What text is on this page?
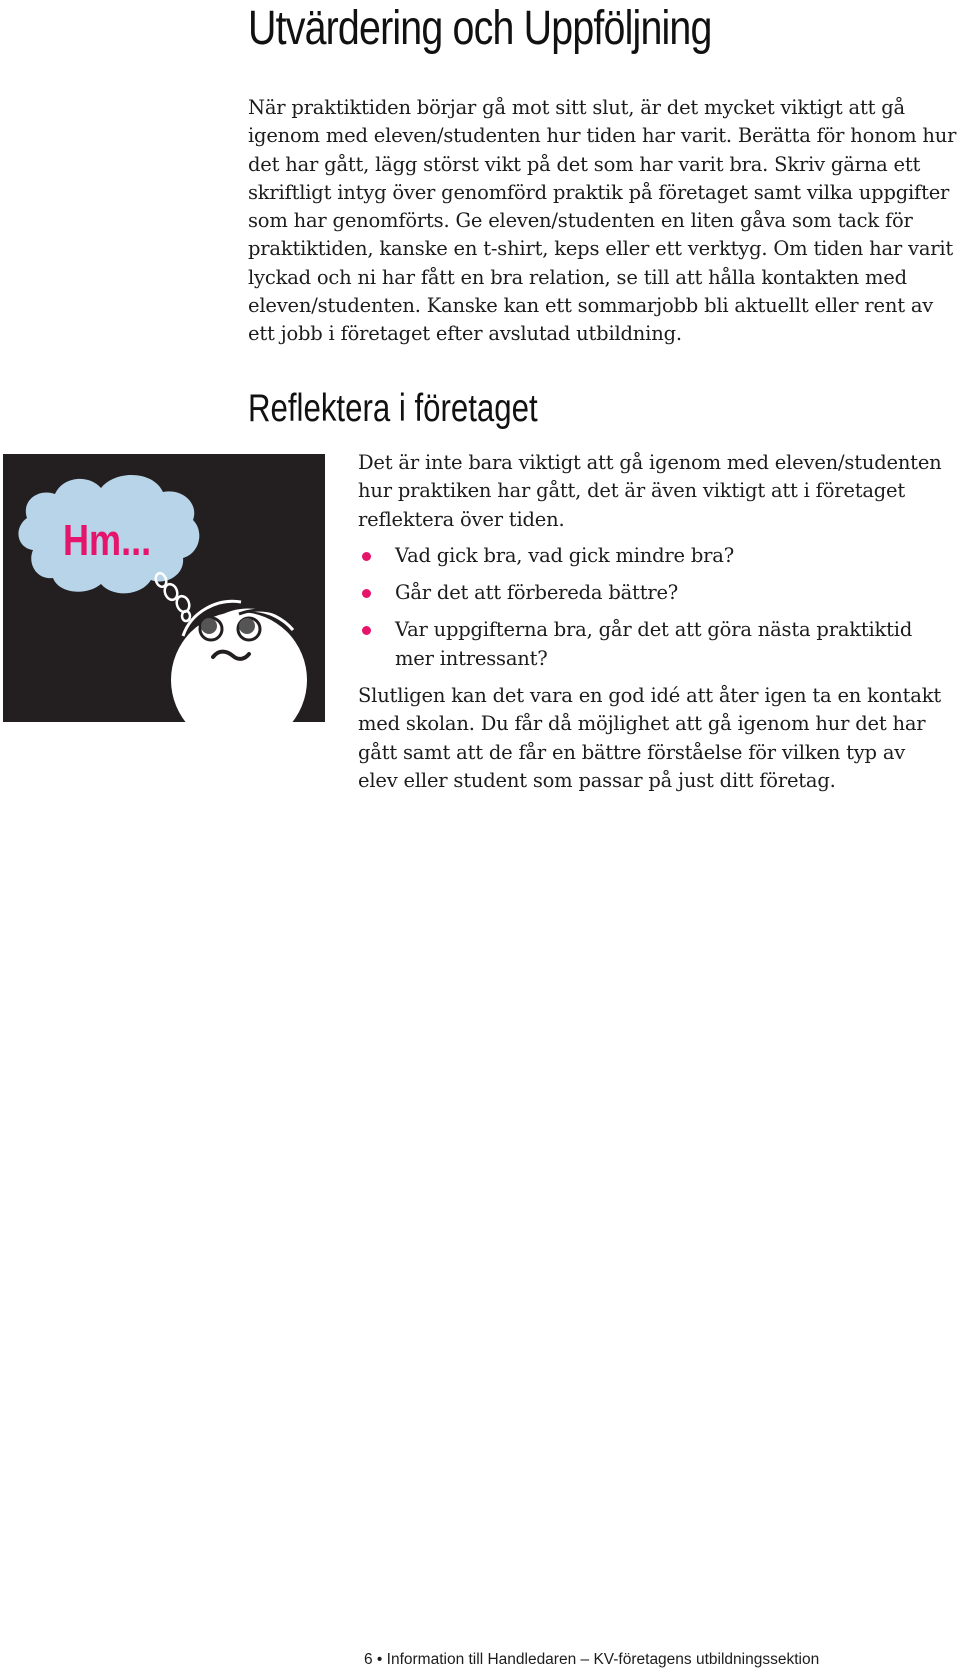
Utvärdering och Uppföljning

När praktiktiden börjar gå mot sitt slut, är det mycket viktigt att gå igenom med eleven/studenten hur tiden har varit. Berätta för honom hur det har gått, lägg störst vikt på det som har varit bra. Skriv gärna ett skriftligt intyg över genomförd praktik på företaget samt vilka uppgifter som har genomförts. Ge eleven/studenten en liten gåva som tack för praktiktiden, kanske en t-shirt, keps eller ett verktyg. Om tiden har varit lyckad och ni har fått en bra relation, se till att hålla kontakten med eleven/studenten. Kanske kan ett sommarjobb bli aktuellt eller rent av ett jobb i företaget efter avslutad utbildning.

Reflektera i företaget
Hm...

Det är inte bara viktigt att gå igenom med eleven/studenten hur praktiken har gått, det är även viktigt att i företaget reflektera över tiden.

Vad gick bra, vad gick mindre bra?
Går det att förbereda bättre?
Var uppgifterna bra, går det att göra nästa praktiktid mer intressant?

Slutligen kan det vara en god idé att åter igen ta en kontakt med skolan. Du får då möjlighet att gå igenom hur det har gått samt att de får en bättre förståelse för vilken typ av elev eller student som passar på just ditt företag.

6 • Information till Handledaren – KV-företagens utbildningssektion
